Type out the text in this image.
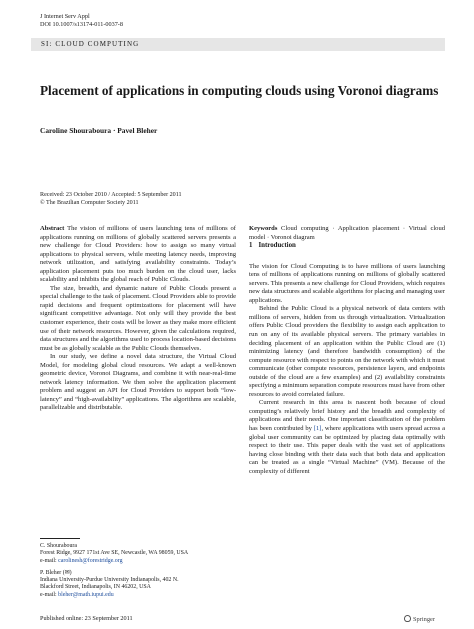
J Internet Serv Appl
DOI 10.1007/s13174-011-0037-8
SI: CLOUD COMPUTING
Placement of applications in computing clouds using Voronoi diagrams
Caroline Shouraboura · Pavel Bleher
Received: 23 October 2010 / Accepted: 5 September 2011
© The Brazilian Computer Society 2011

Abstract The vision of millions of users launching tens of millions of applications running on millions of globally scattered servers presents a new challenge for Cloud Providers: how to assign so many virtual applications to physical servers, while meeting latency needs, improving network utilization, and satisfying availability constraints. Today’s application placement puts too much burden on the cloud user, lacks scalability and inhibits the global reach of Public Clouds.

The size, breadth, and dynamic nature of Public Clouds present a special challenge to the task of placement. Cloud Providers able to provide rapid decisions and frequent optimizations for placement will have significant competitive advantage. Not only will they provide the best customer experience, their costs will be lower as they make more efficient use of their network resources. However, given the calculations required, data structures and the algorithms used to process location-based decisions must be as globally scalable as the Public Clouds themselves.

In our study, we define a novel data structure, the Virtual Cloud Model, for modeling global cloud resources. We adapt a well-known geometric device, Voronoi Diagrams, and combine it with near-real-time network latency information. We then solve the application placement problem and suggest an API for Cloud Providers to support both “low-latency” and “high-availability” applications. The algorithms are scalable, parallelizable and distributable.

Keywords Cloud computing · Application placement · Virtual cloud model · Voronoi diagram

1 Introduction

The vision for Cloud Computing is to have millions of users launching tens of millions of applications running on millions of globally scattered servers. This presents a new challenge for Cloud Providers, which requires new data structures and scalable algorithms for placing and managing user applications.

Behind the Public Cloud is a physical network of data centers with millions of servers, hidden from us through virtualization. Virtualization offers Public Cloud providers the flexibility to assign each application to run on any of its available physical servers. The primary variables in deciding placement of an application within the Public Cloud are (1) minimizing latency (and therefore bandwidth consumption) of the compute resource with respect to points on the network with which it must communicate (other compute resources, persistence layers, and endpoints outside of the cloud are a few examples) and (2) availability constraints specifying a minimum separation compute resources must have from other resources to avoid correlated failure.

Current research in this area is nascent both because of cloud computing’s relatively brief history and the breadth and complexity of applications and their needs. One important classification of the problem has been contributed by [1], where applications with users spread across a global user community can be optimized by placing data optimally with respect to their use. This paper deals with the vast set of applications having close binding with their data such that both data and application can be treated as a single “Virtual Machine” (VM). Because of the complexity of different

C. Shouraboura
Forest Ridge, 9927 171st Ave SE, Newcastle, WA 98059, USA
e-mail: carolinesh@forestridge.org
P. Bleher (✉)
Indiana University-Purdue University Indianapolis, 402 N.
Blackford Street, Indianapolis, IN 46202, USA
e-mail: bleher@math.iupui.edu
Published online: 23 September 2011	Springer
